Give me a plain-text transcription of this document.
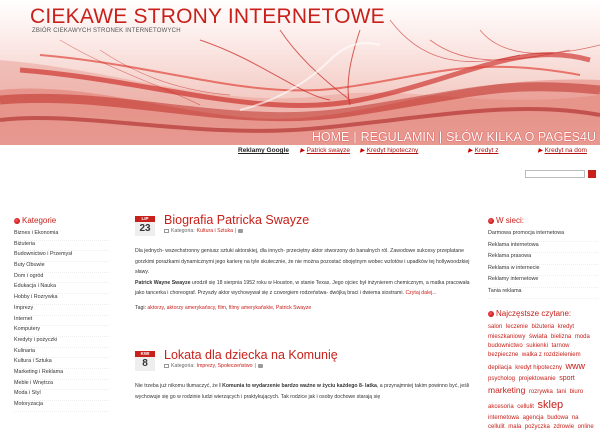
CIEKAWE STRONY INTERNETOWE
ZBIÓR CIEKAWYCH STRONEK INTERNETOWYCH
HOME | REGULAMIN | SŁÓW KILKA O PAGES4U
Reklamy Google ▶ Patrick swayze ▶ Kredyt hipoteczny	▶ Kredyt z	▶ Kredyt na dom
Kategorie
Biznes i Ekonomia
Biżuteria
Budownictwo i Przemysł
Buty Obuwie
Dom i ogród
Edukacja i Nauka
Hobby i Rozrywka
Imprezy
Internet
Komputery
Kredyty i pożyczki
Kulinaria
Kultura i Sztuka
Marketing i Reklama
Meble i Wnętrza
Moda i Styl
Motoryzacja
LIP
23
Biografia Patricka Swayze
Kategoria: Kultura i Sztuka |

Dla jednych- wszechstronny geniusz sztuki aktorskiej, dla innych- przeciętny aktor stworzony do banalnych ról. Zawodowe sukcesy przeplatane gorzkimi porażkami dynamicznymi jego karierę na tyle skutecznie, że nie można pozostać obojętnym wobec wzlotów i upadków tej hollywoodzkiej sławy.

Patrick Wayne Swayze urodził się 18 sierpnia 1952 roku w Houston, w stanie Texas. Jego ojciec był inżynierem chemicznym, a matka pracowała jako tancerka i choreograf. Przyszły aktor wychowywał się z czworgiem rodzeństwa- dwójką braci i dwiema siostrami. Czytaj dalej...

Tagi: aktorzy, aktorzy amerykańscy, film, filmy amerykańskie, Patrick Swayze
KWI
8
Lokata dla dziecka na Komunię
Kategoria: Imprezy, Społeczeństwo |

Nie trzeba już nikomu tłumaczyć, że I Komunia to wydarzenie bardzo ważne w życiu każdego 8- latka, a przynajmniej takim powinno być, jeśli wychowuje się go w rodzinie ludzi wierzących i praktykujących. Tak rodzice jak i osoby dochowe starają się

W sieci:
Darmowa promocja internetowa
Reklama internetowa
Reklama prasowa
Reklama w internecie
Reklamy internetowe
Tania reklama
Najczęstsze czytane:
salon leczenie biżuteria kredyt mieszkaniowy świata bielizna moda budownictwo sukienki tarnow bezpieczne walka z rozdzieleniem depilacja kredyt hipoteczny www psycholog projektowanie sport marketing rozrywka tani biuro akcesoria cellulit sklep internetowa agencja budowa na cellulit mala pożyczka zdrowie online
